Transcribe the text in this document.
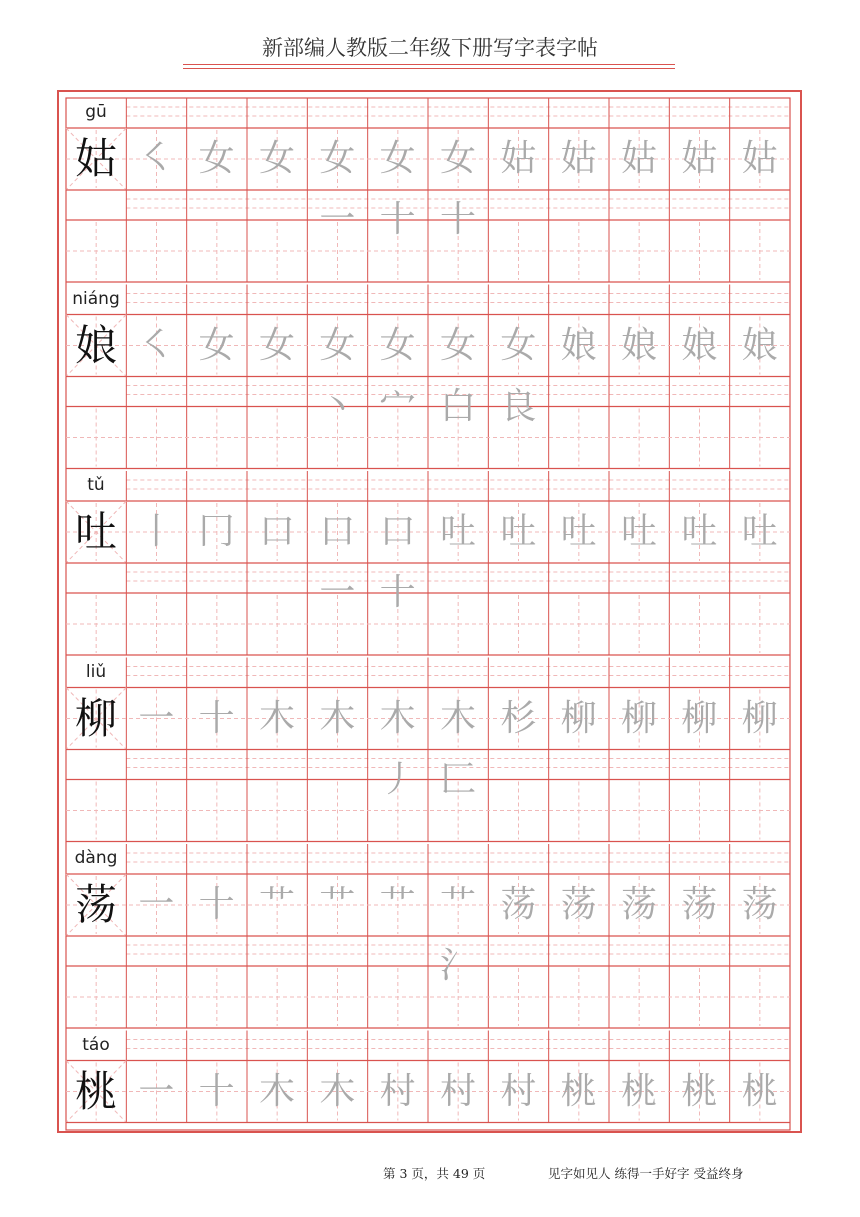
新部编人教版二年级下册写字表字帖
gū
姑 ㇛ 女 女 女一
女十
女十
姑 姑 姑 姑 姑
niáng
娘 ㇛ 女 女 女丶
女宀
女白
女良
娘 娘 娘 娘
tǔ
吐 丨 冂 口 口一
口十
吐 吐 吐 吐 吐 吐
liǔ
柳 一 十 木 木 木丿
木匚
杉 柳 柳 柳 柳
dàng
荡 一 十 艹 艹 艹 艹氵
荡 荡 荡 荡 荡
táo
桃 一 十 木 木 村 村 村 桃 桃 桃 桃
第 3 页，共 49 页	见字如见人 练得一手好字 受益终身
